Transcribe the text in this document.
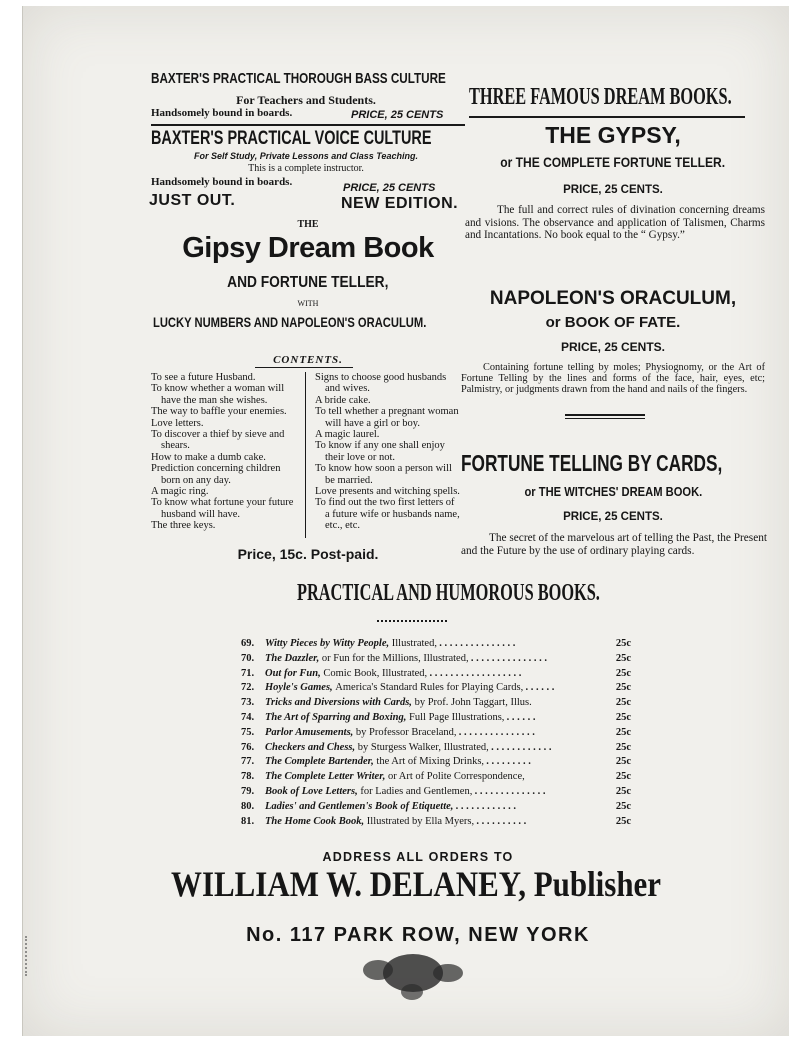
BAXTER'S PRACTICAL THOROUGH BASS CULTURE
For Teachers and Students.
Handsomely bound in boards.	PRICE, 25 CENTS
BAXTER'S PRACTICAL VOICE CULTURE
For Self Study, Private Lessons and Class Teaching.
This is a complete instructor.
Handsomely bound in boards.	PRICE, 25 CENTS
JUST OUT.	NEW EDITION.
THE
Gipsy Dream Book
AND FORTUNE TELLER,
WITH
LUCKY NUMBERS AND NAPOLEON'S ORACULUM.
CONTENTS.
To see a future Husband.
To know whether a woman will have the man she wishes.
The way to baffle your enemies.
Love letters.
To discover a thief by sieve and shears.
How to make a dumb cake.
Prediction concerning children born on any day.
A magic ring.
To know what fortune your future husband will have.
The three keys.
Signs to choose good husbands and wives.
A bride cake.
To tell whether a pregnant woman will have a girl or boy.
A magic laurel.
To know if any one shall enjoy their love or not.
To know how soon a person will be married.
Love presents and witching spells.
To find out the two first letters of a future wife or husbands name, etc., etc.
Price, 15c. Post-paid.
THREE FAMOUS DREAM BOOKS.
THE GYPSY,
or THE COMPLETE FORTUNE TELLER.
PRICE, 25 CENTS.
The full and correct rules of divination concerning dreams and visions. The observance and application of Talismen, Charms and Incantations. No book equal to the “ Gypsy.”
NAPOLEON'S ORACULUM,
or BOOK OF FATE.
PRICE, 25 CENTS.
Containing fortune telling by moles; Physiognomy, or the Art of Fortune Telling by the lines and forms of the face, hair, eyes, etc; Palmistry, or judgments drawn from the hand and nails of the fingers.
FORTUNE TELLING BY CARDS,
or THE WITCHES' DREAM BOOK.
PRICE, 25 CENTS.
The secret of the marvelous art of telling the Past, the Present and the Future by the use of ordinary playing cards.
PRACTICAL AND HUMOROUS BOOKS.
69.	Witty Pieces by Witty People, Illustrated, . . . . . . . . . . . . . . .	25c
70.	The Dazzler, or Fun for the Millions, Illustrated, . . . . . . . . . . . . . . .	25c
71.	Out for Fun, Comic Book, Illustrated, . . . . . . . . . . . . . . . . . .	25c
72.	Hoyle's Games, America's Standard Rules for Playing Cards, . . . . . .	25c
73.	Tricks and Diversions with Cards, by Prof. John Taggart, Illus.	25c
74.	The Art of Sparring and Boxing, Full Page Illustrations, . . . . . .	25c
75.	Parlor Amusements, by Professor Braceland, . . . . . . . . . . . . . . .	25c
76.	Checkers and Chess, by Sturgess Walker, Illustrated, . . . . . . . . . . . .	25c
77.	The Complete Bartender, the Art of Mixing Drinks, . . . . . . . . .	25c
78.	The Complete Letter Writer, or Art of Polite Correspondence,	25c
79.	Book of Love Letters, for Ladies and Gentlemen, . . . . . . . . . . . . . .	25c
80.	Ladies' and Gentlemen's Book of Etiquette, . . . . . . . . . . . .	25c
81.	The Home Cook Book, Illustrated by Ella Myers, . . . . . . . . . .	25c
ADDRESS ALL ORDERS TO
WILLIAM W. DELANEY, Publisher
No. 117 PARK ROW, NEW YORK
